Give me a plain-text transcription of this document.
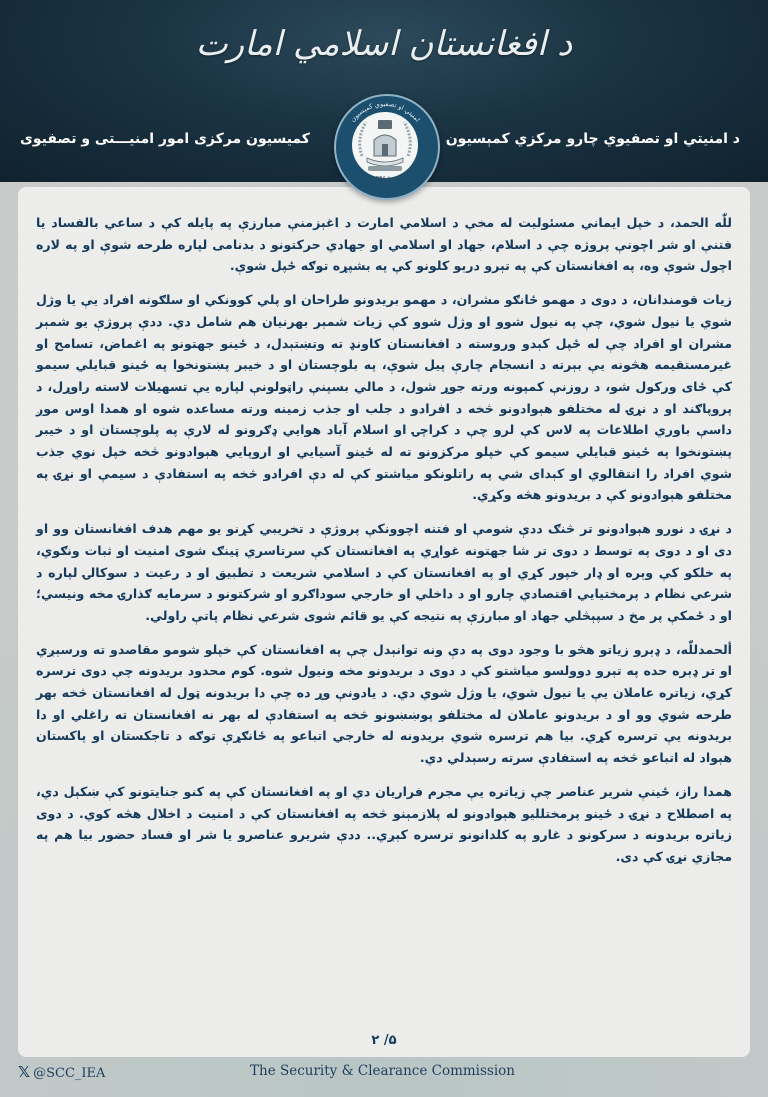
د افغانستان اسلامي امارت
د امنيتي او تصفيوي چارو مرکزي کمېسيون
کمیسیون مرکزی امور امنیـــتی و تصفیوی
امنيتي او تصفيوي کمېسيون
۱۴۴۶هـ ق

للّٰه الحمد، د خپل ايماني مسئوليت له مخې د اسلامي امارت د اغېزمنې مبارزې په پايله کې د ساعي بالفساد يا فتنې او شر اچونې پروژه چې د اسلام، جهاد او اسلامي او جهادي حرکتونو د بدنامی لپاره طرحه شوې او په لاره اچول شوې وه، په افغانستان کې په تېرو درېو کلونو کې په بشپړه توګه ځپل شوې.

زيات قومندانان، د دوی د مهمو ځانګو مشران، د مهمو بريدونو طراحان او پلي کوونکي او سلګونه افراد يې يا وژل شوي يا نيول شوي، چې په نيول شوو او وژل شوو کې زيات شمېر بهرنيان هم شامل دي. ددې پروژې يو شمېر مشران او افراد چې له ځپل کېدو وروسته د افغانستان کاونډ ته وتښتېدل، د ځينو جهتونو په اغماض، تسامح او غيرمستقيمه هڅونه يې بېرته د انسجام چارې پيل شوې، په بلوچستان او د خيبر پښتونخوا په ځينو قبايلي سيمو کې ځای ورکول شو، د روزنې کمپونه ورته جوړ شول، د مالي بسپنې راټولونې لپاره يې تسهيلات لاسته راوړل، د پروپاګند او د نړۍ له مختلفو هېوادونو څخه د افرادو د جلب او جذب زمينه ورته مساعده شوه او همدا اوس موږ داسې باوري اطلاعات په لاس کې لرو چې د کراچۍ او اسلام آباد هوايي ډګرونو له لارې په پلوچستان او د خيبر پښتونخوا په ځينو قبايلي سيمو کې خپلو مرکزونو ته له ځينو آسيايي او اروپايي هېوادونو څخه خپل نوي جذب شوي افراد را انتقالوي او کېدای شي په راتلونکو مياشتو کې له دې افرادو څخه په استفادې د سيمې او نړۍ په مختلفو هېوادونو کې د بريدونو هڅه وکړي.

د نړۍ د نورو هېوادونو تر څنګ ددې شومې او فتنه اچوونکې پروژې د تخريبي کړنو يو مهم هدف افغانستان وو او دی او د دوی په توسط د دوی تر شا جهتونه غواړي په افغانستان کې سرتاسري ټينګ شوی امنيت او ثبات ونګوي، په خلکو کې وېره او ډار خپور کړي او په افغانستان کې د اسلامي شريعت د تطبيق او د رعيت د سوکالۍ لپاره د شرعي نظام د پرمختيايي اقتصادي چارو او د داخلي او خارجي سوداګرو او شرکتونو د سرمايه ګذارۍ مخه ونيسي؛ او د ځمکې پر مخ د سپېڅلي جهاد او مبارزې په نتيجه کې يو قائم شوی شرعي نظام پاتې راولي.

ألحمدللّٰه، د ډېرو زياتو هڅو با وجود دوی په دې ونه توانېدل چې په افغانستان کې خپلو شومو مقاصدو ته ورسېږي او تر ډېره حده په تېرو دوولسو مياشتو کې د دوی د بريدونو مخه ونيول شوه. کوم محدود بريدونه چې دوی ترسره کړي، زياتره عاملان يې يا نيول شوي، يا وژل شوي دي. د يادونې وړ ده چې دا بريدونه ټول له افغانستان څخه بهر طرحه شوي وو او د بريدونو عاملان له مختلفو پوښښونو څخه په استفادې له بهر نه افغانستان ته راغلي او دا بريدونه يې ترسره کړي. بيا هم ترسره شوي بريدونه له خارجي اتباعو په ځانګړې توګه د تاجکستان او پاکستان هېواد له اتباعو څخه په استفادې سرته رسېدلي دي.

همدا راز، ځينې شرير عناصر چې زياتره يې مجرم فراريان دي او په افغانستان کې په کنو جنايتونو کې ښکېل دي، په اصطلاح د نړۍ د ځينو پرمختلليو هېوادونو له پلازمېنو څخه په افغانستان کې د امنيت د اخلال هڅه کوي. د دوی زياتره بريدونه د سرکونو د غارو په کلدانونو ترسره کېږي.. ددې شريرو عناصرو يا شر او فساد حضور بيا هم په مجازي نړۍ کې دی.

۲ /۵
𝕏 @SCC_IEA	The Security & Clearance Commission
